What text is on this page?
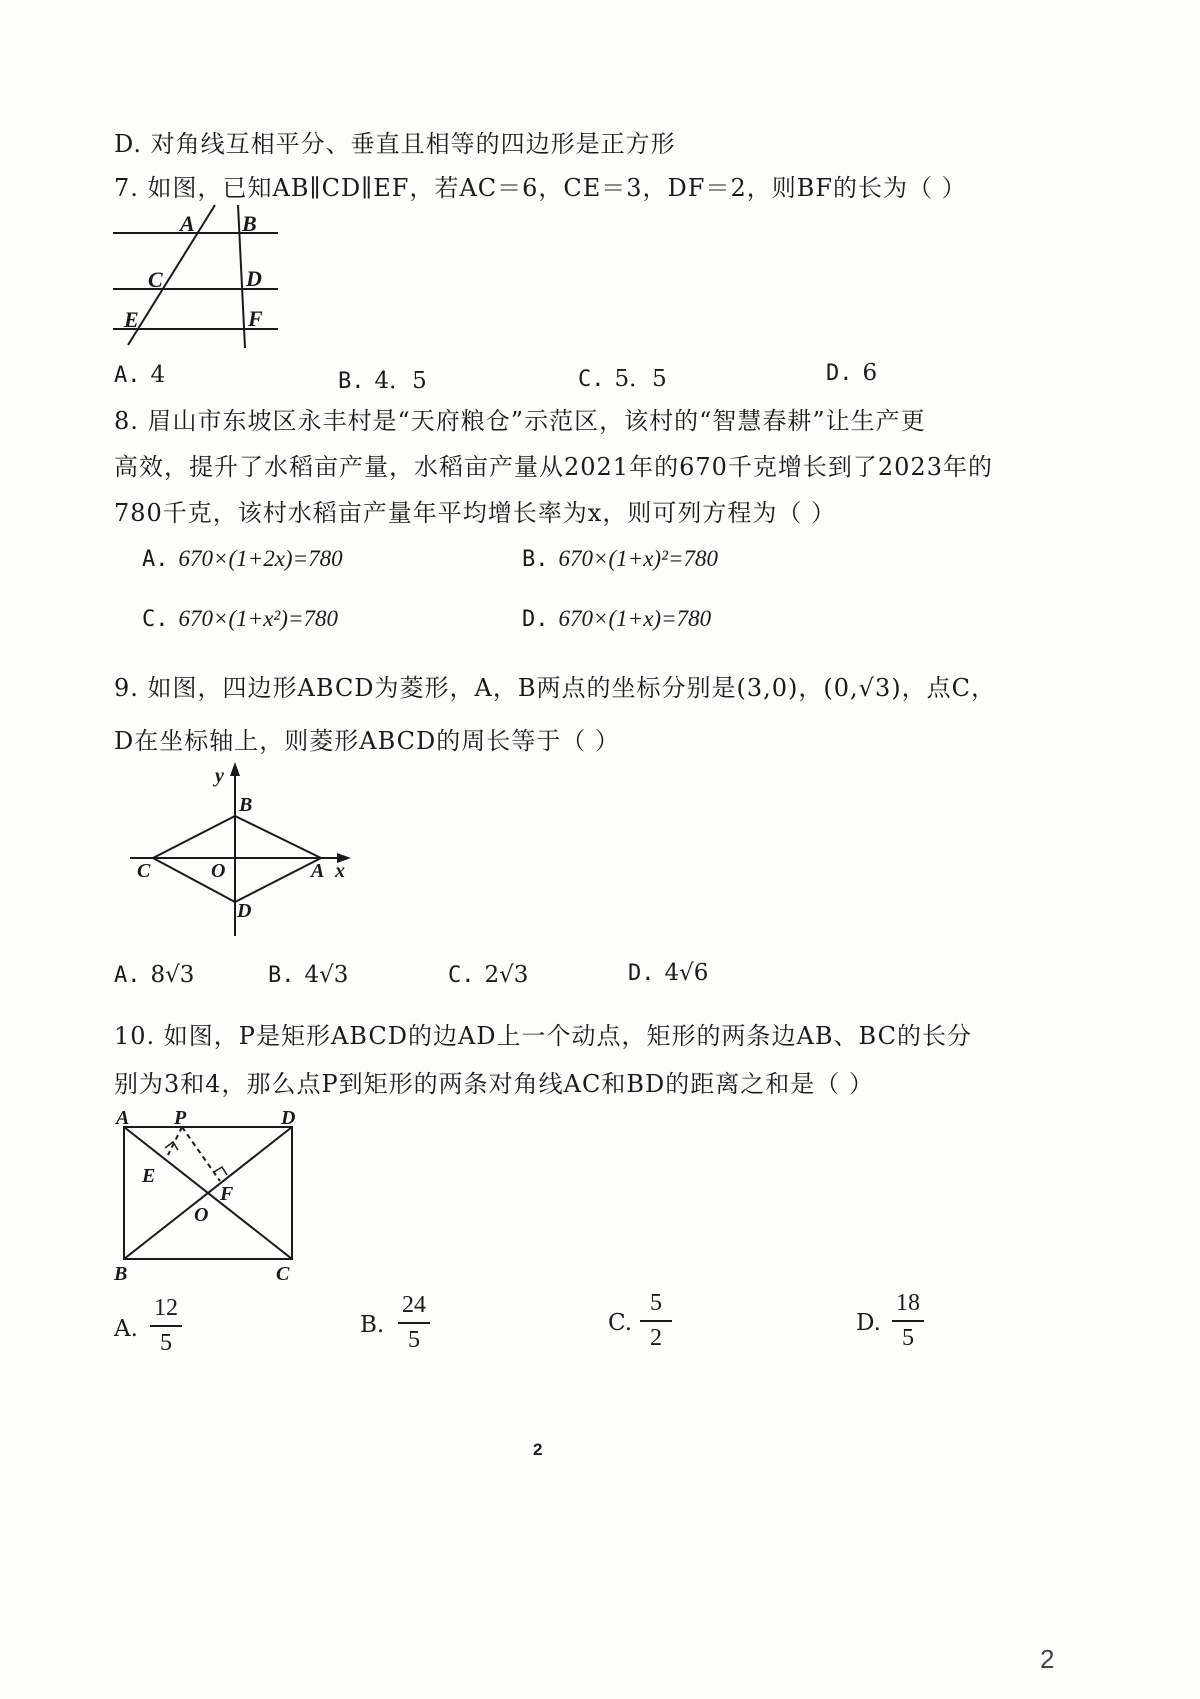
D. 对角线互相平分、垂直且相等的四边形是正方形
7. 如图，已知AB∥CD∥EF，若AC＝6，CE＝3，DF＝2，则BF的长为（ ）
A B
C	D
E	F
A. 4	B. 4．5	C. 5．5	D. 6
8. 眉山市东坡区永丰村是“天府粮仓”示范区，该村的“智慧春耕”让生产更
高效，提升了水稻亩产量，水稻亩产量从2021年的670千克增长到了2023年的
780千克，该村水稻亩产量年平均增长率为x，则可列方程为（ ）
A. 670×(1+2x)=780	B. 670×(1+x)²=780
C. 670×(1+x²)=780	D. 670×(1+x)=780
9. 如图，四边形ABCD为菱形，A，B两点的坐标分别是(3,0)，(0,√3)，点C，
D在坐标轴上，则菱形ABCD的周长等于（ ）
y
B
C	O	A x
D
A. 8√3	B. 4√3	C. 2√3	D. 4√6
10. 如图，P是矩形ABCD的边AD上一个动点，矩形的两条边AB、BC的长分
别为3和4，那么点P到矩形的两条对角线AC和BD的距离之和是（ ）
A P	D
E
F
O
B	C
A.
12
5
B.
24
5
C.
5
2
D.
18
5
2
2
